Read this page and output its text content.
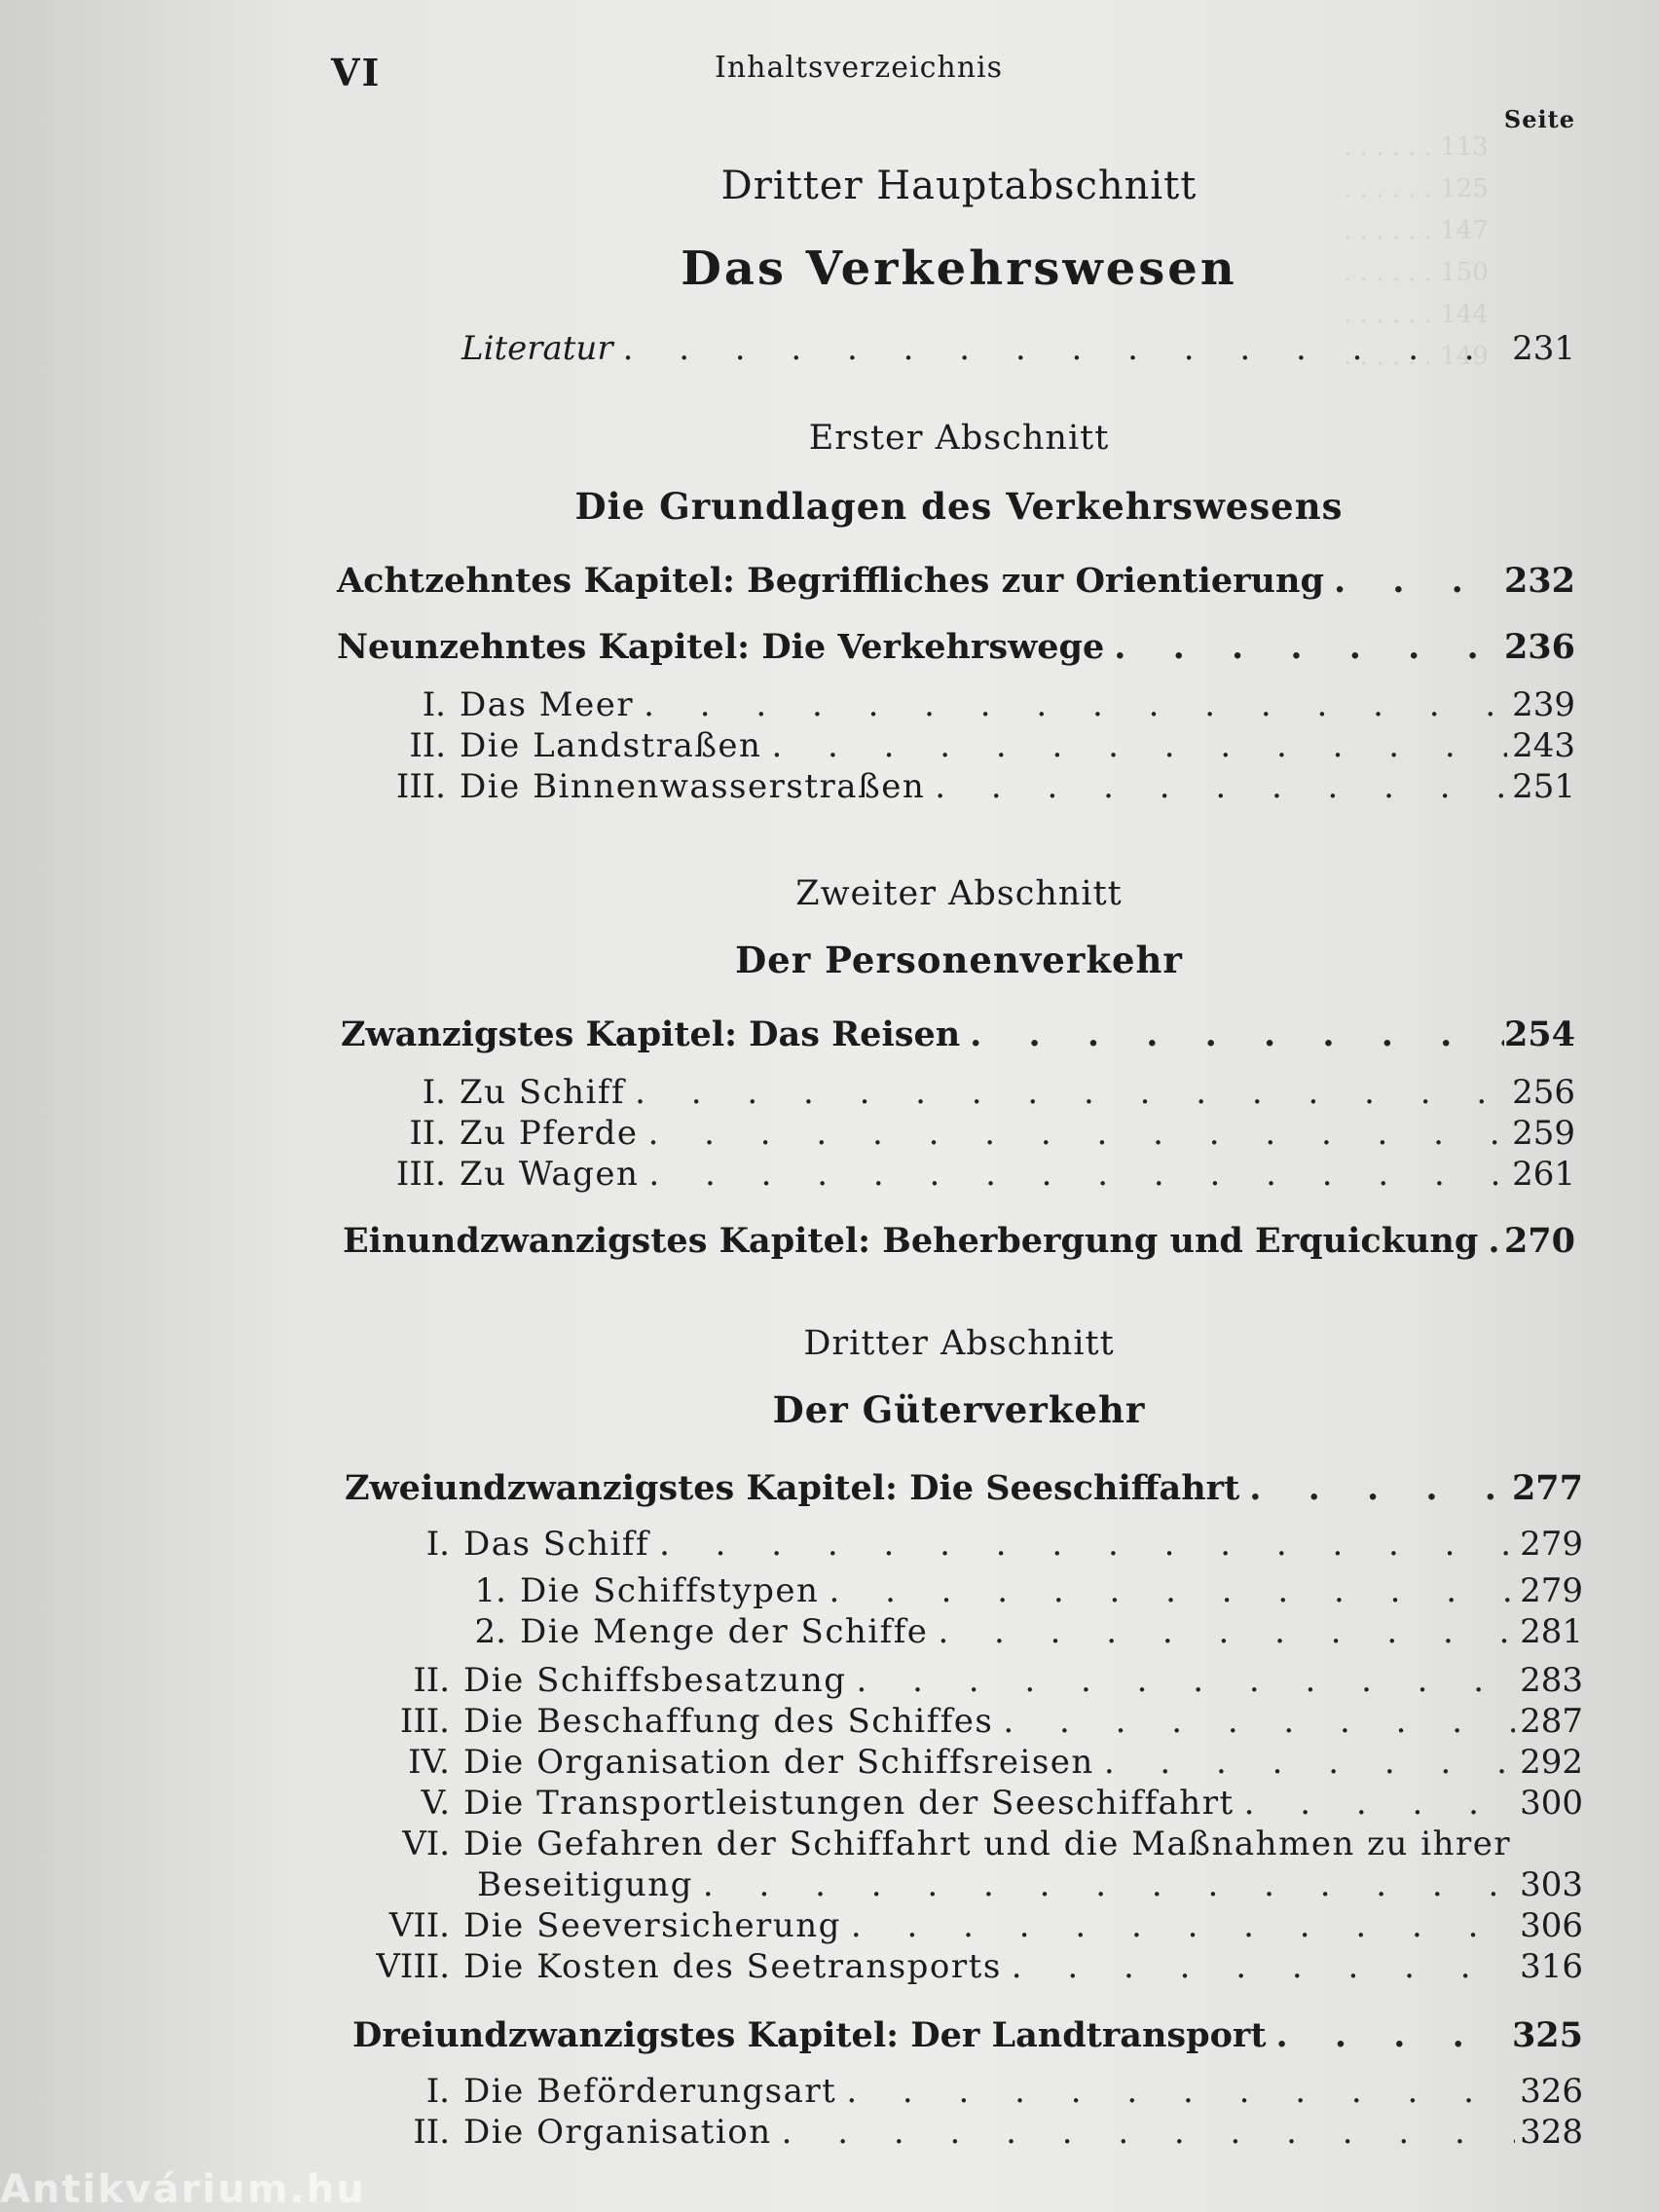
. . . . . . 113
. . . . . . 125
. . . . . . 147
. . . . . . 150
. . . . . . 144
. . . . . . 149
VI	Inhaltsverzeichnis
Seite
Dritter Hauptabschnitt
Das Verkehrswesen
Literatur . . .	231
Erster Abschnitt
Die Grundlagen des Verkehrswesens
Achtzehntes Kapitel: Begriffliches zur Orientierung . . .	232
Neunzehntes Kapitel: Die Verkehrswege . . .	236
I. Das Meer . . .	239
II. Die Landstraßen . . .	243
III. Die Binnenwasserstraßen . . .	251
Zweiter Abschnitt
Der Personenverkehr
Zwanzigstes Kapitel: Das Reisen . . .	254
I. Zu Schiff . . .	256
II. Zu Pferde . . .	259
III. Zu Wagen . . .	261
Einundzwanzigstes Kapitel: Beherbergung und Erquickung . . . 270
Dritter Abschnitt
Der Güterverkehr
Zweiundzwanzigstes Kapitel: Die Seeschiffahrt . . .	277
I. Das Schiff . . .	279
1. Die Schiffstypen . . .	279
2. Die Menge der Schiffe . . .	281
II. Die Schiffsbesatzung . . .	283
III. Die Beschaffung des Schiffes . . .	287
IV. Die Organisation der Schiffsreisen . . .	292
V. Die Transportleistungen der Seeschiffahrt . . .	300
VI. Die Gefahren der Schiffahrt und die Maßnahmen zu ihrer
Beseitigung . . .	303
VII. Die Seeversicherung . . .	306
VIII. Die Kosten des Seetransports . . .	316
Dreiundzwanzigstes Kapitel: Der Landtransport . . .	325
I. Die Beförderungsart . . .	326
II. Die Organisation . . .	328
Antikvárium.hu
